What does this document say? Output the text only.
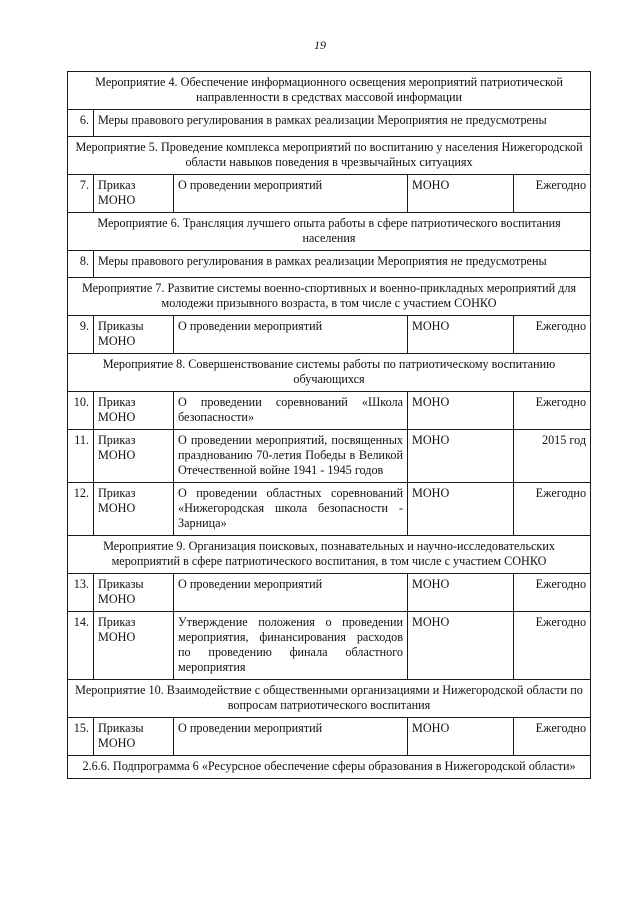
19
Мероприятие 4. Обеспечение информационного освещения мероприятий патриотической направленности в средствах массовой информации				
6.	Меры правового регулирования в рамках реализации Мероприятия не предусмотрены			
Мероприятие 5. Проведение комплекса мероприятий по воспитанию у населения Нижегородской области навыков поведения в чрезвычайных ситуациях				
7.	Приказ МОНО	О проведении мероприятий	МОНО	Ежегодно
Мероприятие 6. Трансляция лучшего опыта работы в сфере патриотического воспитания населения				
8.	Меры правового регулирования в рамках реализации Мероприятия не предусмотрены			
Мероприятие 7. Развитие системы военно-спортивных и военно-прикладных мероприятий для молодежи призывного возраста, в том числе с участием СОНКО				
9.	Приказы МОНО	О проведении мероприятий	МОНО	Ежегодно
Мероприятие 8. Совершенствование системы работы по патриотическому воспитанию обучающихся				
10.	Приказ МОНО	О проведении соревнований «Школа безопасности»	МОНО	Ежегодно
11.	Приказ МОНО	О проведении мероприятий, посвященных празднованию 70-летия Победы в Великой Отечественной войне 1941 - 1945 годов	МОНО	2015 год
12.	Приказ МОНО	О проведении областных соревнований «Нижегородская школа безопасности - Зарница»	МОНО	Ежегодно
Мероприятие 9. Организация поисковых, познавательных и научно-исследовательских мероприятий в сфере патриотического воспитания, в том числе с участием СОНКО				
13.	Приказы МОНО	О проведении мероприятий	МОНО	Ежегодно
14.	Приказ МОНО	Утверждение положения о проведении мероприятия, финансирования расходов по проведению финала областного мероприятия	МОНО	Ежегодно
Мероприятие 10. Взаимодействие с общественными организациями и Нижегородской области по вопросам патриотического воспитания				
15.	Приказы МОНО	О проведении мероприятий	МОНО	Ежегодно
2.6.6. Подпрограмма 6 «Ресурсное обеспечение сферы образования в Нижегородской области»				
